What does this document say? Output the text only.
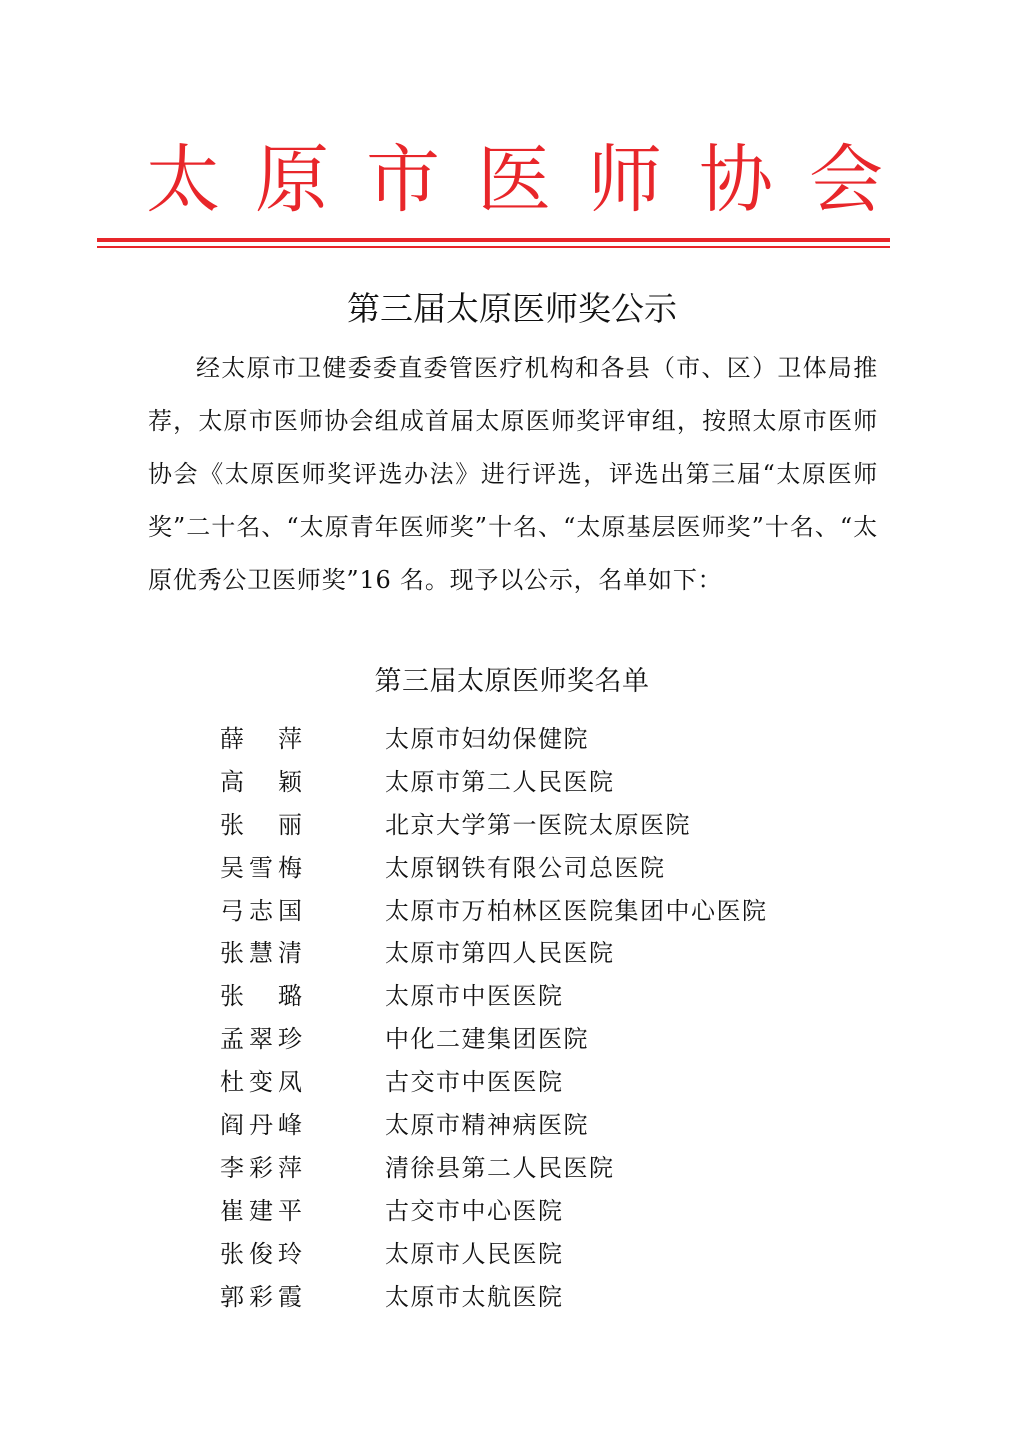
太 原 市 医 师 协 会
第三届太原医师奖公示

经太原市卫健委委直委管医疗机构和各县（市、区）卫体局推荐，太原市医师协会组成首届太原医师奖评审组，按照太原市医师协会《太原医师奖评选办法》进行评选，评选出第三届“太原医师奖”二十名、“太原青年医师奖”十名、“太原基层医师奖”十名、“太原优秀公卫医师奖”16 名。现予以公示，名单如下：

第三届太原医师奖名单
薛萍	太原市妇幼保健院
高颖	太原市第二人民医院
张丽	北京大学第一医院太原医院
吴雪梅	太原钢铁有限公司总医院
弓志国	太原市万柏林区医院集团中心医院
张慧清	太原市第四人民医院
张璐	太原市中医医院
孟翠珍	中化二建集团医院
杜变凤	古交市中医医院
阎丹峰	太原市精神病医院
李彩萍	清徐县第二人民医院
崔建平	古交市中心医院
张俊玲	太原市人民医院
郭彩霞	太原市太航医院
